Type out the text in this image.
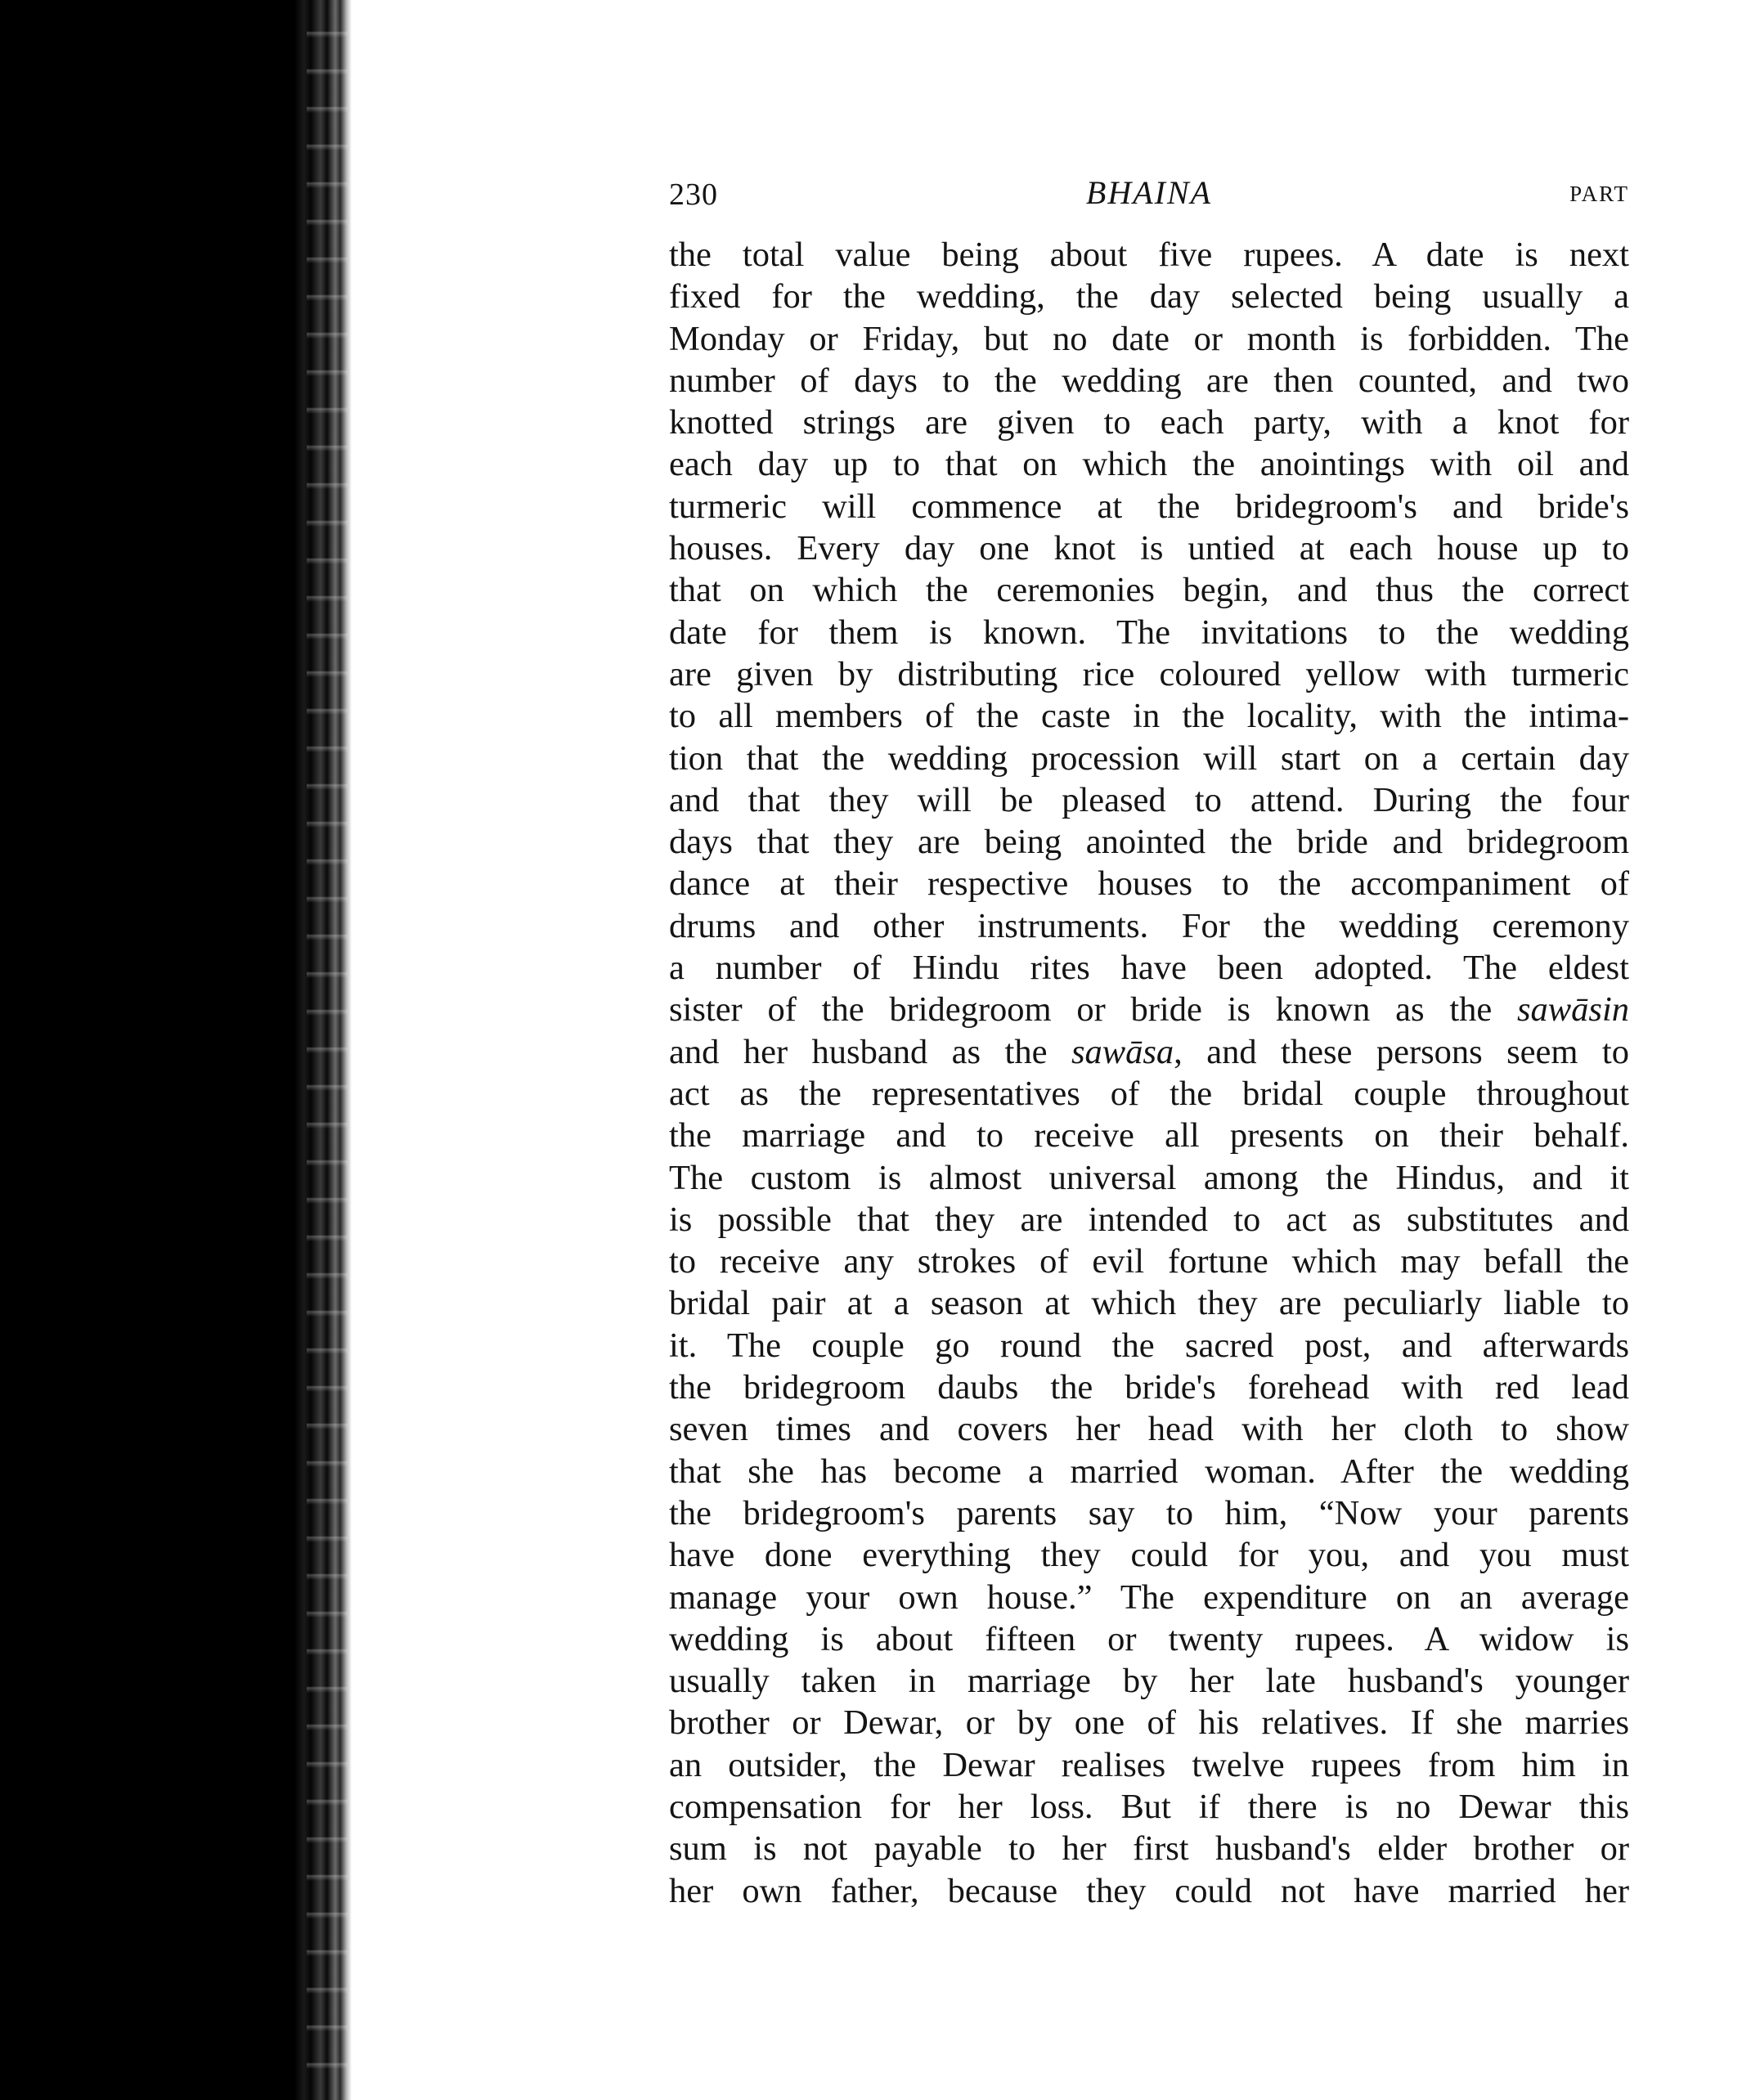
230	BHAINA	PART
the total value being about five rupees. A date is next
fixed for the wedding, the day selected being usually a
Monday or Friday, but no date or month is forbidden. The
number of days to the wedding are then counted, and two
knotted strings are given to each party, with a knot for
each day up to that on which the anointings with oil and
turmeric will commence at the bridegroom's and bride's
houses. Every day one knot is untied at each house up to
that on which the ceremonies begin, and thus the correct
date for them is known. The invitations to the wedding
are given by distributing rice coloured yellow with turmeric
to all members of the caste in the locality, with the intima-
tion that the wedding procession will start on a certain day
and that they will be pleased to attend. During the four
days that they are being anointed the bride and bridegroom
dance at their respective houses to the accompaniment of
drums and other instruments. For the wedding ceremony
a number of Hindu rites have been adopted. The eldest
sister of the bridegroom or bride is known as the sawāsin
and her husband as the sawāsa, and these persons seem to
act as the representatives of the bridal couple throughout
the marriage and to receive all presents on their behalf.
The custom is almost universal among the Hindus, and it
is possible that they are intended to act as substitutes and
to receive any strokes of evil fortune which may befall the
bridal pair at a season at which they are peculiarly liable to
it. The couple go round the sacred post, and afterwards
the bridegroom daubs the bride's forehead with red lead
seven times and covers her head with her cloth to show
that she has become a married woman. After the wedding
the bridegroom's parents say to him, “Now your parents
have done everything they could for you, and you must
manage your own house.” The expenditure on an average
wedding is about fifteen or twenty rupees. A widow is
usually taken in marriage by her late husband's younger
brother or Dewar, or by one of his relatives. If she marries
an outsider, the Dewar realises twelve rupees from him in
compensation for her loss. But if there is no Dewar this
sum is not payable to her first husband's elder brother or
her own father, because they could not have married her
